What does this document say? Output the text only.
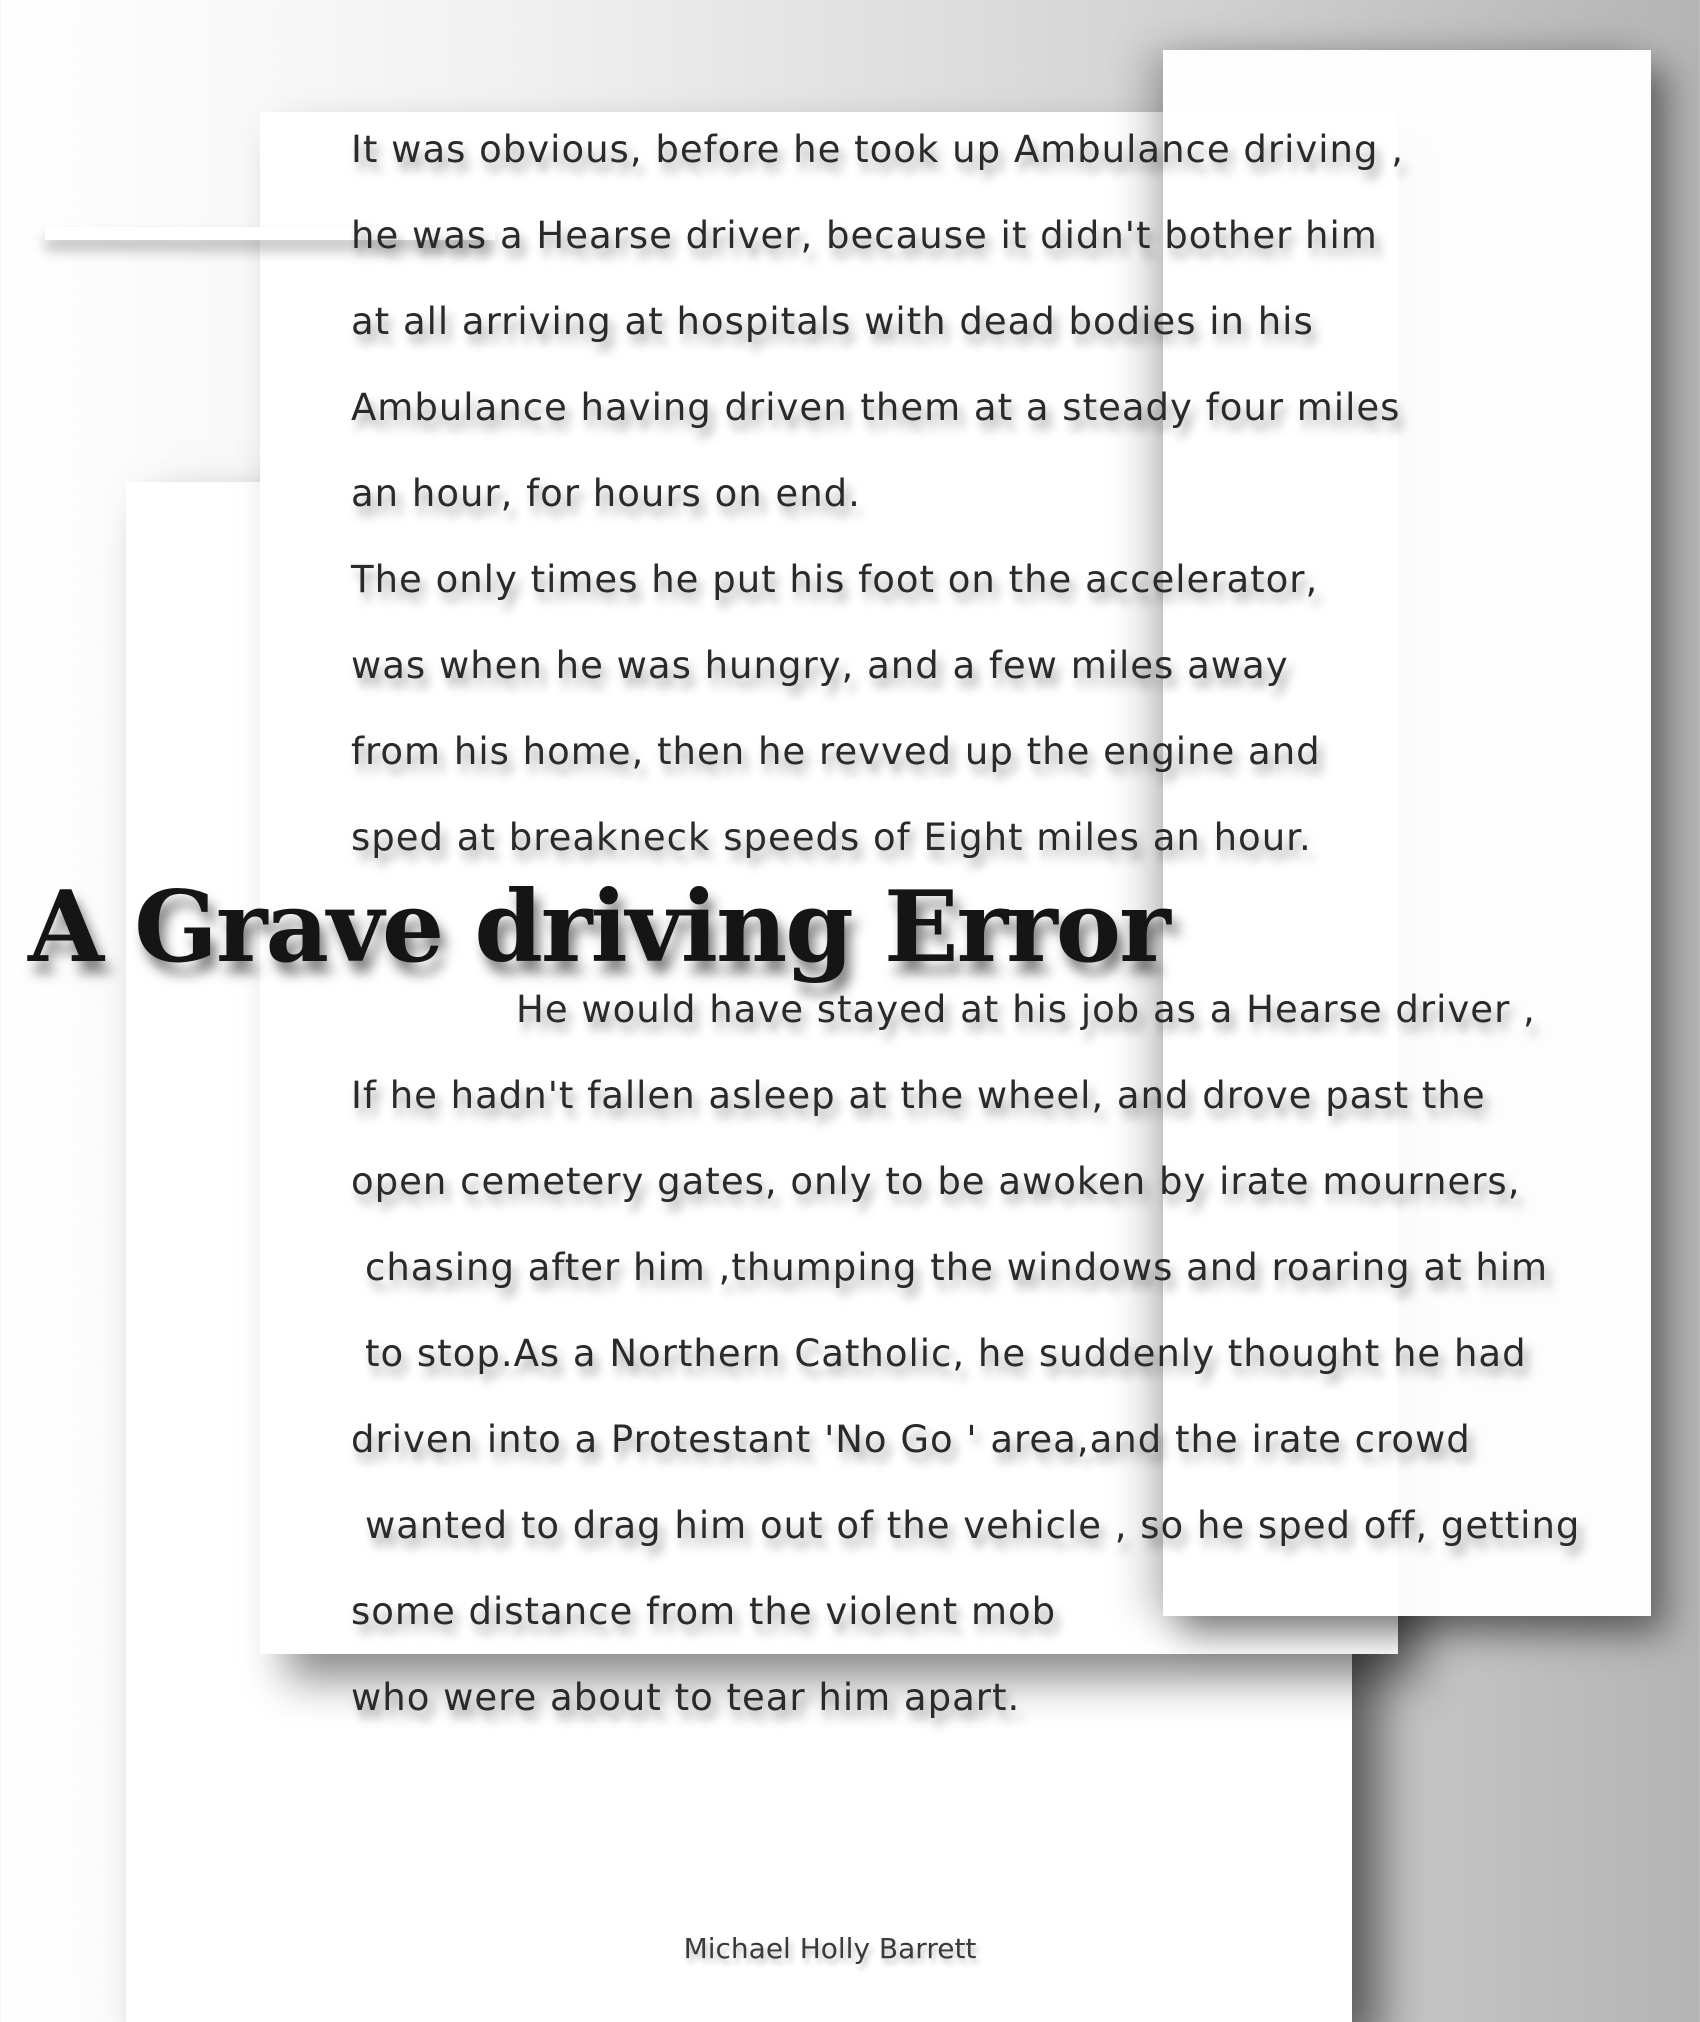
It was obvious, before he took up Ambulance driving ,

he was a Hearse driver, because it didn't bother him

at all arriving at hospitals with dead bodies in his

Ambulance having driven them at a steady four miles

an hour, for hours on end.

The only times he put his foot on the accelerator,

was when he was hungry, and a few miles away

from his home, then he revved up the engine and

sped at breakneck speeds of Eight miles an hour.

He would have stayed at his job as a Hearse driver ,

If he hadn't fallen asleep at the wheel, and drove past the

open cemetery gates, only to be awoken by irate mourners,

chasing after him ,thumping the windows and roaring at him

to stop.As a Northern Catholic, he suddenly thought he had

driven into a Protestant 'No Go ' area,and the irate crowd

wanted to drag him out of the vehicle , so he sped off, getting

some distance from the violent mob

who were about to tear him apart.

A Grave driving Error

Michael Holly Barrett
